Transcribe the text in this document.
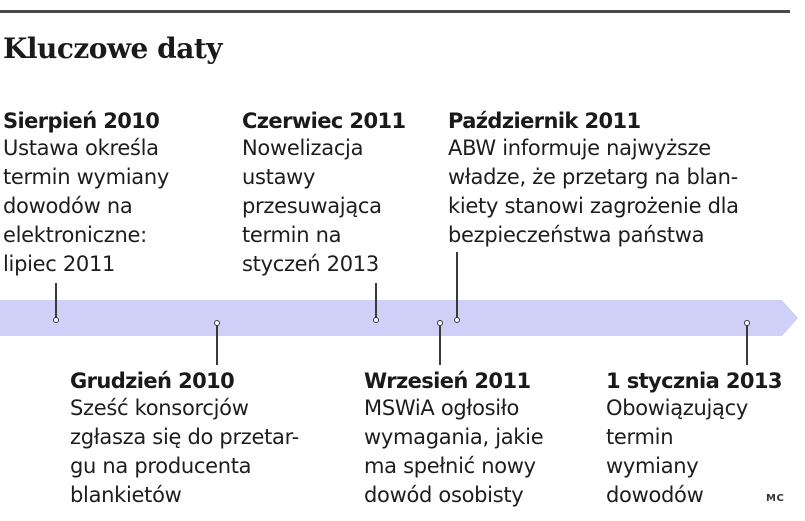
Kluczowe daty
Sierpień 2010
Ustawa określa
termin wymiany
dowodów na
elektroniczne:
lipiec 2011
Czerwiec 2011
Nowelizacja
ustawy
przesuwająca
termin na
styczeń 2013
Październik 2011
ABW informuje najwyższe
władze, że przetarg na blan-
kiety stanowi zagrożenie dla
bezpieczeństwa państwa
Grudzień 2010
Sześć konsorcjów
zgłasza się do przetar-
gu na producenta
blankietów
Wrzesień 2011
MSWiA ogłosiło
wymagania, jakie
ma spełnić nowy
dowód osobisty
1 stycznia 2013
Obowiązujący
termin
wymiany
dowodów	MC
